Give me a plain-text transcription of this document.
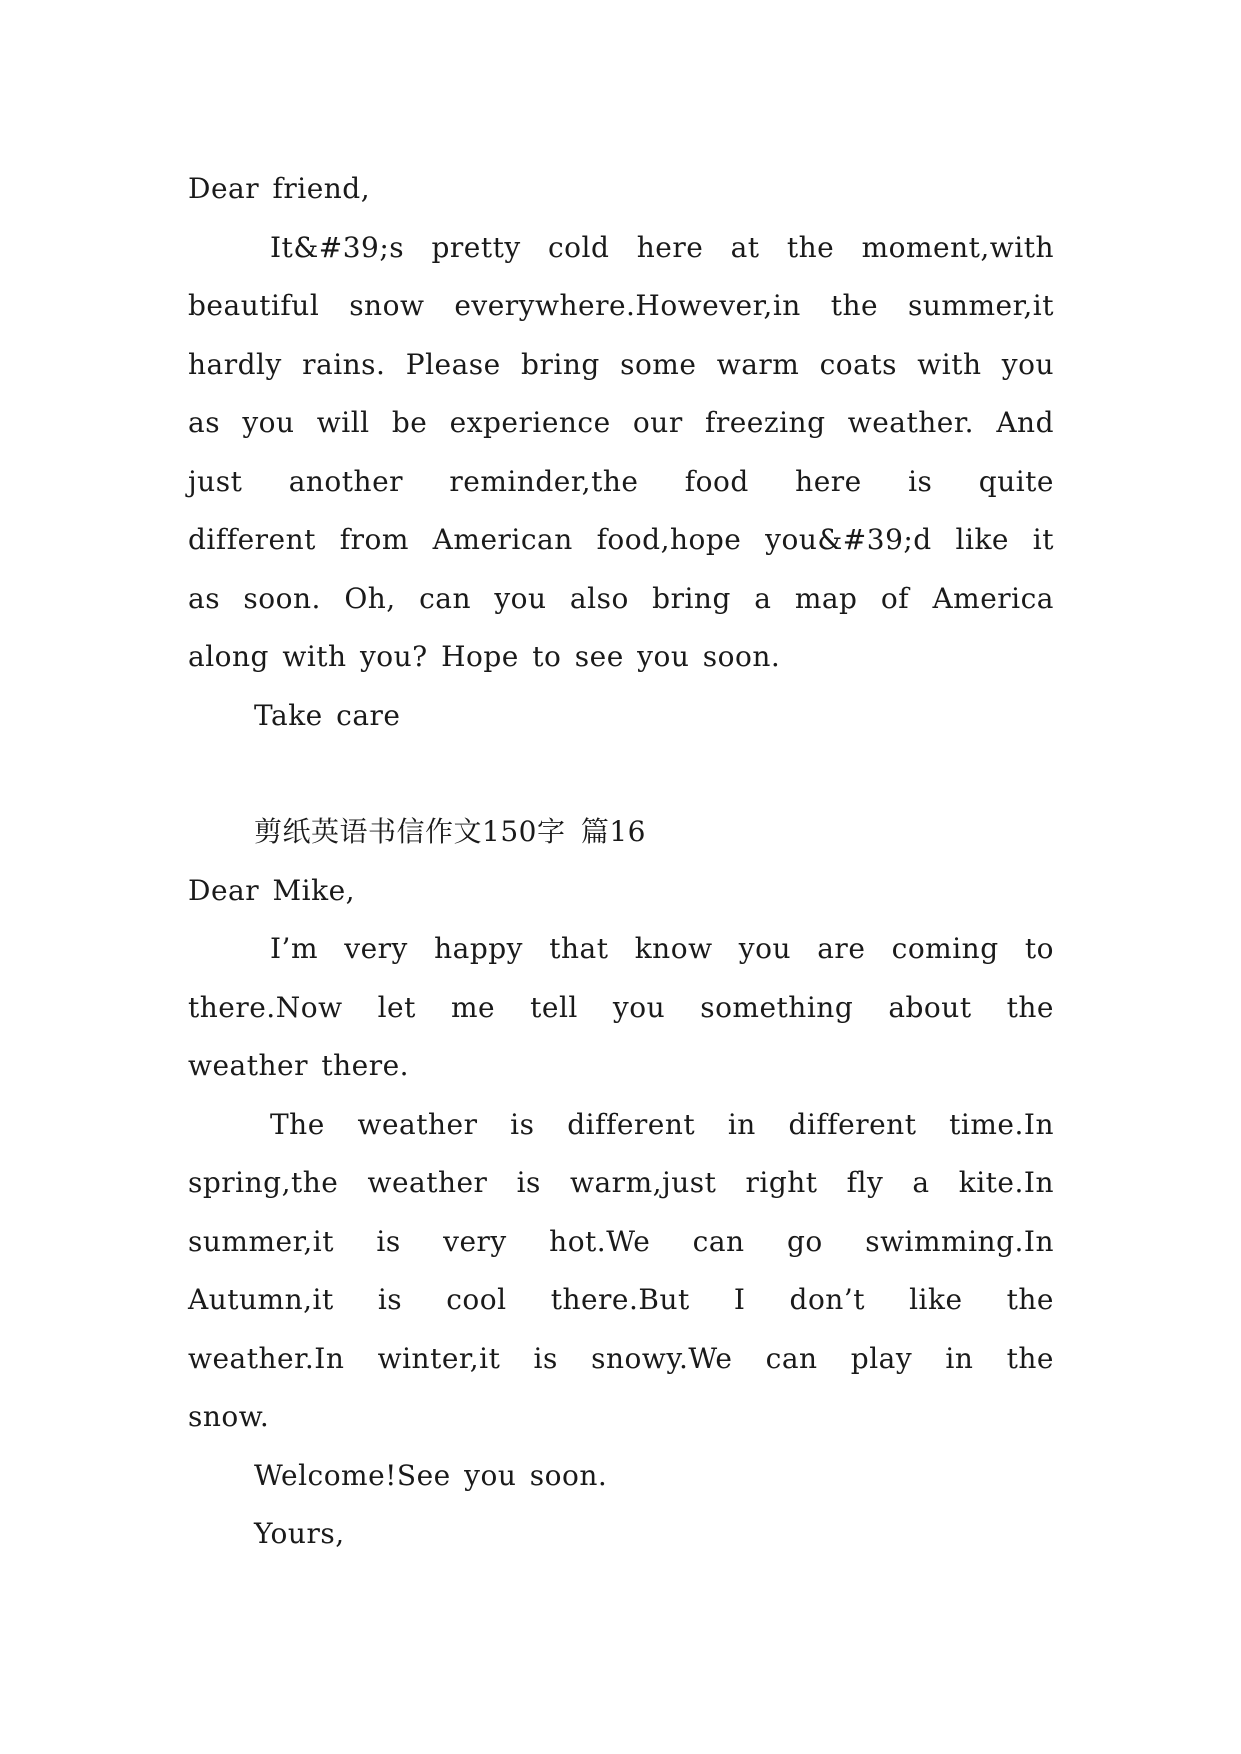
Dear friend,
It&#39;s pretty cold here at the moment,with
beautiful snow everywhere.However,in the summer,it
hardly rains. Please bring some warm coats with you
as you will be experience our freezing weather. And
just another reminder,the food here is quite
different from American food,hope you&#39;d like it
as soon. Oh, can you also bring a map of America
along with you? Hope to see you soon.
Take care
剪纸英语书信作文150字 篇16
Dear Mike,
I’m very happy that know you are coming to
there.Now let me tell you something about the
weather there.
The weather is different in different time.In
spring,the weather is warm,just right fly a kite.In
summer,it is very hot.We can go swimming.In
Autumn,it is cool there.But I don’t like the
weather.In winter,it is snowy.We can play in the
snow.
Welcome!See you soon.
Yours,
